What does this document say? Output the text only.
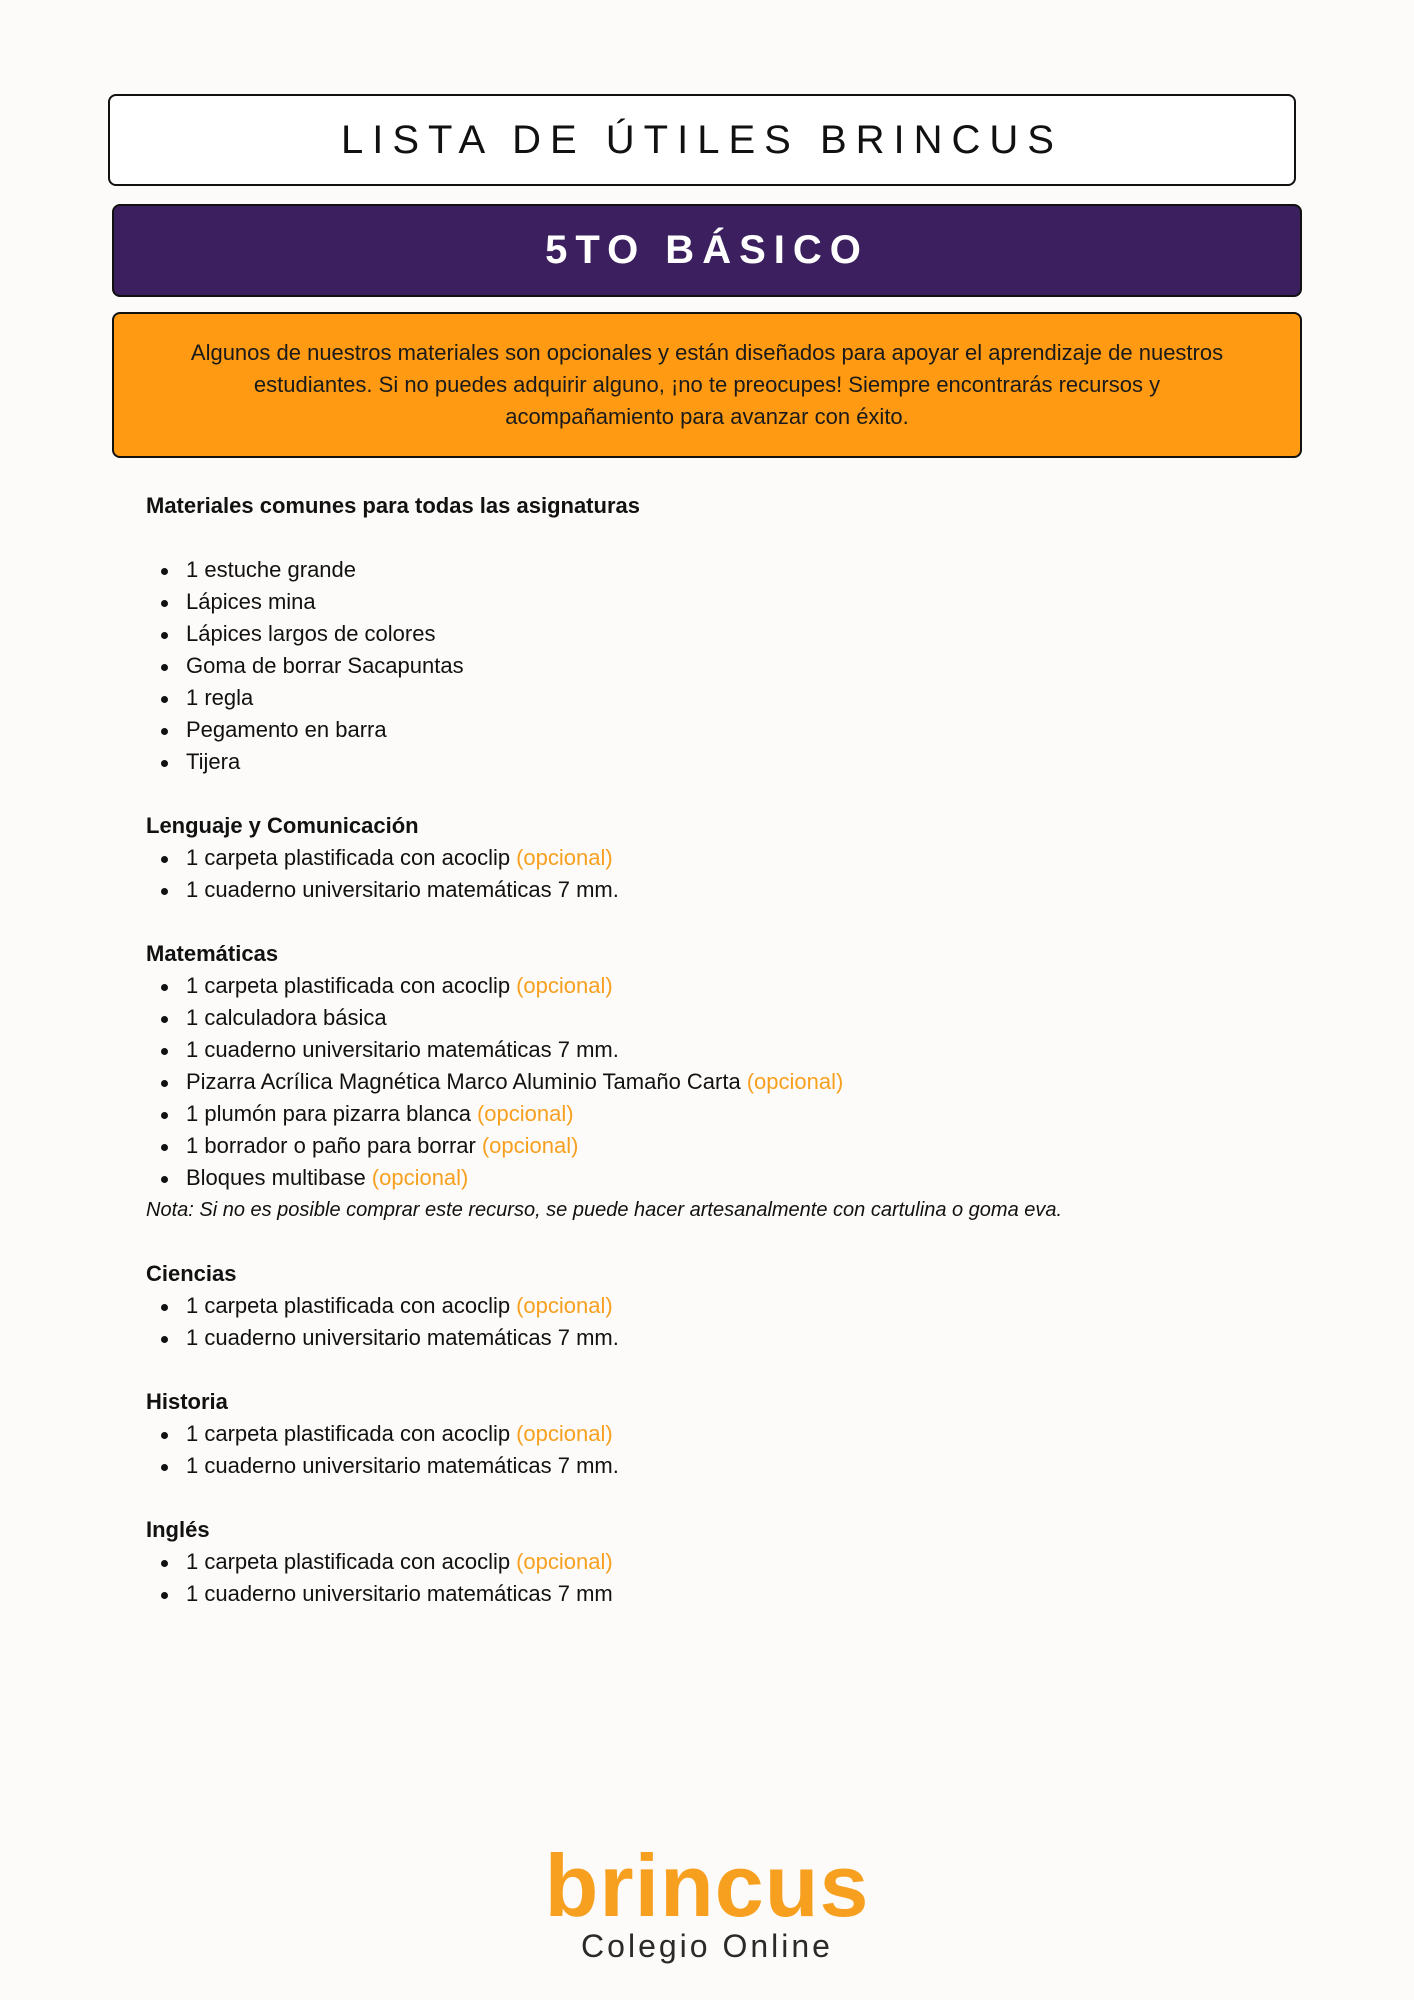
LISTA DE ÚTILES BRINCUS
5TO BÁSICO

Algunos de nuestros materiales son opcionales y están diseñados para apoyar el aprendizaje de nuestros estudiantes. Si no puedes adquirir alguno, ¡no te preocupes! Siempre encontrarás recursos y acompañamiento para avanzar con éxito.

Materiales comunes para todas las asignaturas

1 estuche grande
Lápices mina
Lápices largos de colores
Goma de borrar Sacapuntas
1 regla
Pegamento en barra
Tijera

Lenguaje y Comunicación

1 carpeta plastificada con acoclip (opcional)
1 cuaderno universitario matemáticas 7 mm.

Matemáticas

1 carpeta plastificada con acoclip (opcional)
1 calculadora básica
1 cuaderno universitario matemáticas 7 mm.
Pizarra Acrílica Magnética Marco Aluminio Tamaño Carta (opcional)
1 plumón para pizarra blanca (opcional)
1 borrador o paño para borrar (opcional)
Bloques multibase (opcional)

Nota: Si no es posible comprar este recurso, se puede hacer artesanalmente con cartulina o goma eva.

Ciencias

1 carpeta plastificada con acoclip (opcional)
1 cuaderno universitario matemáticas 7 mm.

Historia

1 carpeta plastificada con acoclip (opcional)
1 cuaderno universitario matemáticas 7 mm.

Inglés

1 carpeta plastificada con acoclip (opcional)
1 cuaderno universitario matemáticas 7 mm
brincus
Colegio Online
